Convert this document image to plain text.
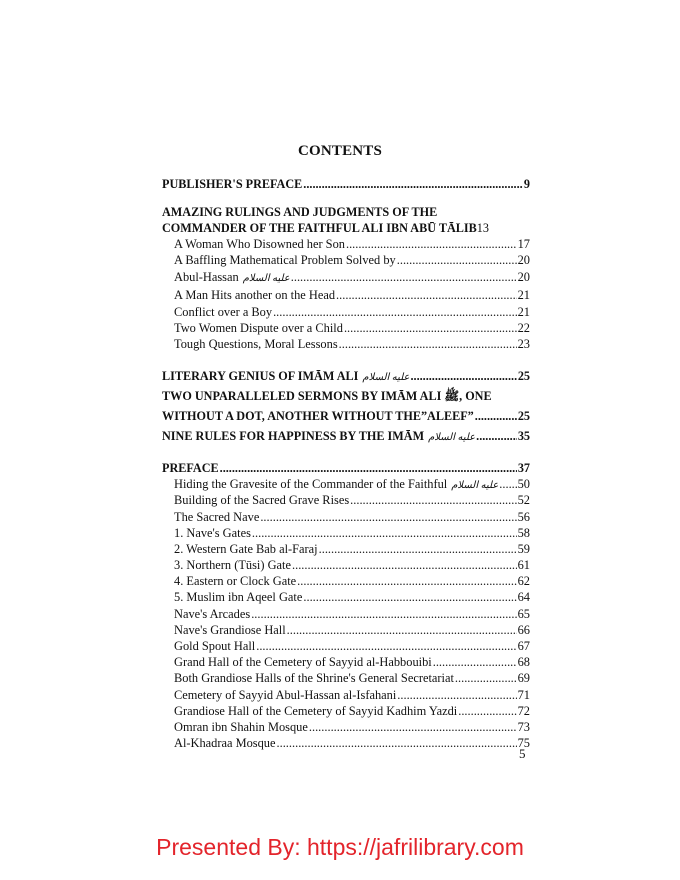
CONTENTS
PUBLISHER'S PREFACE .....	9
AMAZING RULINGS AND JUDGMENTS OF THE
COMMANDER OF THE FAITHFUL ALI IBN ABŪ TĀLIB 13
A Woman Who Disowned her Son .....	17
A Baffling Mathematical Problem Solved by .....	20
Abul-Hassan عليه السلام .....	20
A Man Hits another on the Head .....	21
Conflict over a Boy .....	21
Two Women Dispute over a Child .....	22
Tough Questions, Moral Lessons .....	23
LITERARY GENIUS OF IMĀM ALI عليه السلام .....	25
TWO UNPARALLELED SERMONS BY IMĀM ALI ﷺ, ONE
WITHOUT A DOT, ANOTHER WITHOUT THE”ALEEF” .....	25
NINE RULES FOR HAPPINESS BY THE IMĀM عليه السلام .....	35
PREFACE .....	37
Hiding the Gravesite of the Commander of the Faithful عليه السلام ..... 50
Building of the Sacred Grave Rises .....	52
The Sacred Nave .....	56
1. Nave's Gates .....	58
2. Western Gate Bab al-Faraj .....	59
3. Northern (Tūsi) Gate .....	61
4. Eastern or Clock Gate .....	62
5. Muslim ibn Aqeel Gate .....	64
Nave's Arcades .....	65
Nave's Grandiose Hall .....	66
Gold Spout Hall .....	67
Grand Hall of the Cemetery of Sayyid al-Habbouibi .....	68
Both Grandiose Halls of the Shrine's General Secretariat .....	69
Cemetery of Sayyid Abul-Hassan al-Isfahani .....	71
Grandiose Hall of the Cemetery of Sayyid Kadhim Yazdi .....	72
Omran ibn Shahin Mosque .....	73
Al-Khadraa Mosque .....	75
5
Presented By: https://jafrilibrary.com
